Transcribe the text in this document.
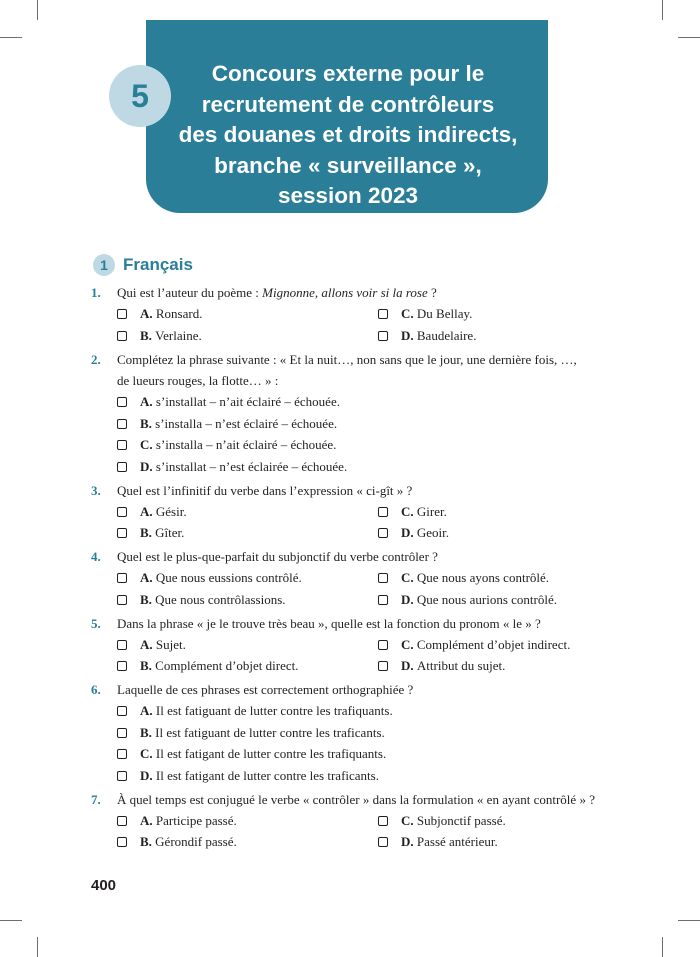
5
Concours externe pour le
recrutement de contrôleurs
des douanes et droits indirects,
branche « surveillance »,
session 2023
1 Français
1.	Qui est l’auteur du poème : Mignonne, allons voir si la rose ?
A.
Ronsard.	C.
Du Bellay.
B.
Verlaine.	D.
Baudelaire.
2.	Complétez la phrase suivante : « Et la nuit…, non sans que le jour, une dernière fois, …,
de lueurs rouges, la flotte… » :
A.
s’installat – n’ait éclairé – échouée.
B.
s’installa – n’est éclairé – échouée.
C.
s’installa – n’ait éclairé – échouée.
D.
s’installat – n’est éclairée – échouée.
3.	Quel est l’infinitif du verbe dans l’expression « ci-gît » ?
A.
Gésir.	C.
Girer.
B.
Gîter.	D.
Geoir.
4.	Quel est le plus-que-parfait du subjonctif du verbe contrôler ?
A.
Que nous eussions contrôlé.	C.
Que nous ayons contrôlé.
B.
Que nous contrôlassions.	D.
Que nous aurions contrôlé.
5.	Dans la phrase « je le trouve très beau », quelle est la fonction du pronom « le » ?
A.
Sujet.	C.
Complément d’objet indirect.
B.
Complément d’objet direct.	D.
Attribut du sujet.
6.	Laquelle de ces phrases est correctement orthographiée ?
A.
Il est fatiguant de lutter contre les trafiquants.
B.
Il est fatiguant de lutter contre les traficants.
C.
Il est fatigant de lutter contre les trafiquants.
D.
Il est fatigant de lutter contre les traficants.
7.	À quel temps est conjugué le verbe « contrôler » dans la formulation « en ayant contrôlé » ?
A.
Participe passé.	C.
Subjonctif passé.
B.
Gérondif passé.	D.
Passé antérieur.
400
